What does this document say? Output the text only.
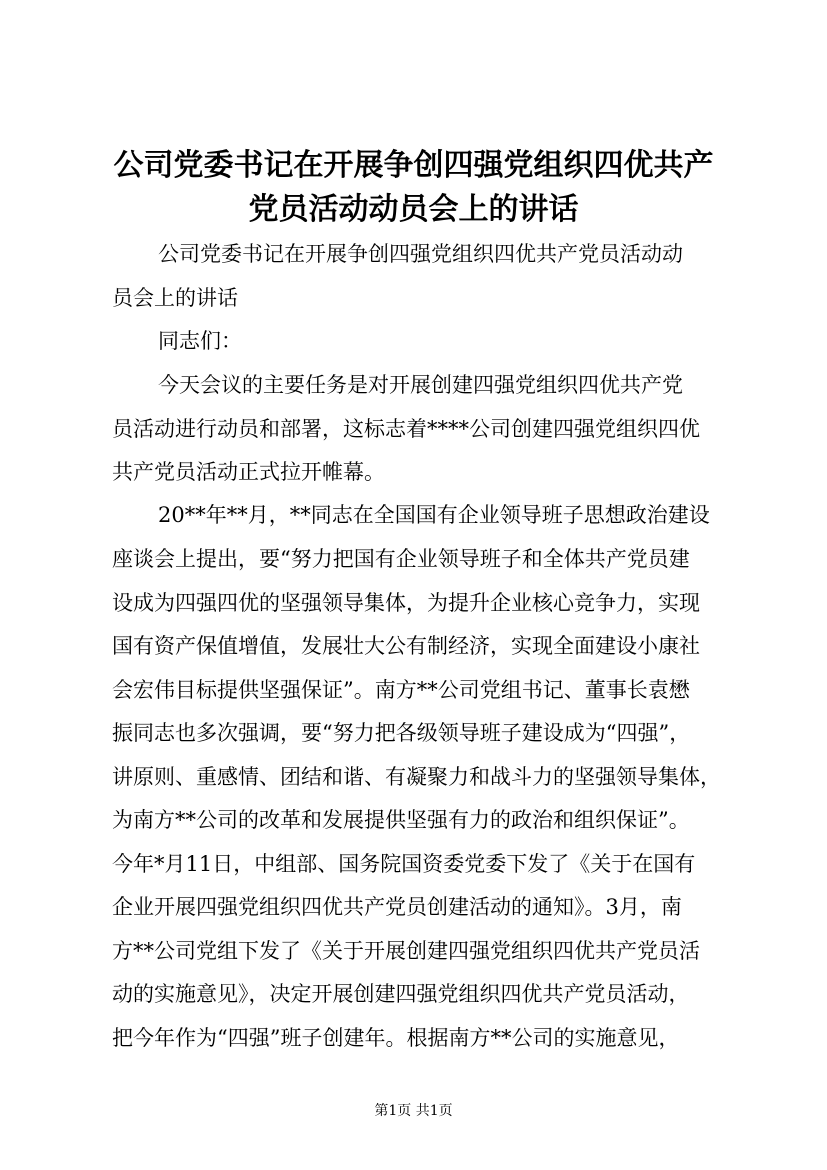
公司党委书记在开展争创四强党组织四优共产
党员活动动员会上的讲话
公司党委书记在开展争创四强党组织四优共产党员活动动
员会上的讲话
同志们：
今天会议的主要任务是对开展创建四强党组织四优共产党
员活动进行动员和部署，这标志着****公司创建四强党组织四优
共产党员活动正式拉开帷幕。
20**年**月，**同志在全国国有企业领导班子思想政治建设
座谈会上提出，要“努力把国有企业领导班子和全体共产党员建
设成为四强四优的坚强领导集体，为提升企业核心竞争力，实现
国有资产保值增值，发展壮大公有制经济，实现全面建设小康社
会宏伟目标提供坚强保证”。南方**公司党组书记、董事长袁懋
振同志也多次强调，要“努力把各级领导班子建设成为“四强”，
讲原则、重感情、团结和谐、有凝聚力和战斗力的坚强领导集体，
为南方**公司的改革和发展提供坚强有力的政治和组织保证”。
今年*月11日，中组部、国务院国资委党委下发了《关于在国有
企业开展四强党组织四优共产党员创建活动的通知》。3月，南
方**公司党组下发了《关于开展创建四强党组织四优共产党员活
动的实施意见》，决定开展创建四强党组织四优共产党员活动，
把今年作为“四强”班子创建年。根据南方**公司的实施意见，
第1页 共1页
